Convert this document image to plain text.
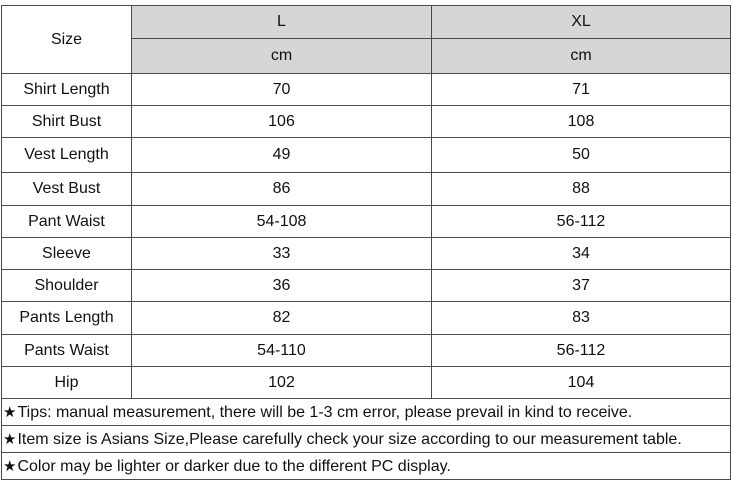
Size	L	XL
	cm	cm
Shirt Length	70	71
Shirt Bust	106	108
Vest Length	49	50
Vest Bust	86	88
Pant Waist	54-108	56-112
Sleeve	33	34
Shoulder	36	37
Pants Length	82	83
Pants Waist	54-110	56-112
Hip	102	104
★Tips: manual measurement, there will be 1-3 cm error, please prevail in kind to receive.		
★Item size is Asians Size,Please carefully check your size according to our measurement table.		
★Color may be lighter or darker due to the different PC display.		
